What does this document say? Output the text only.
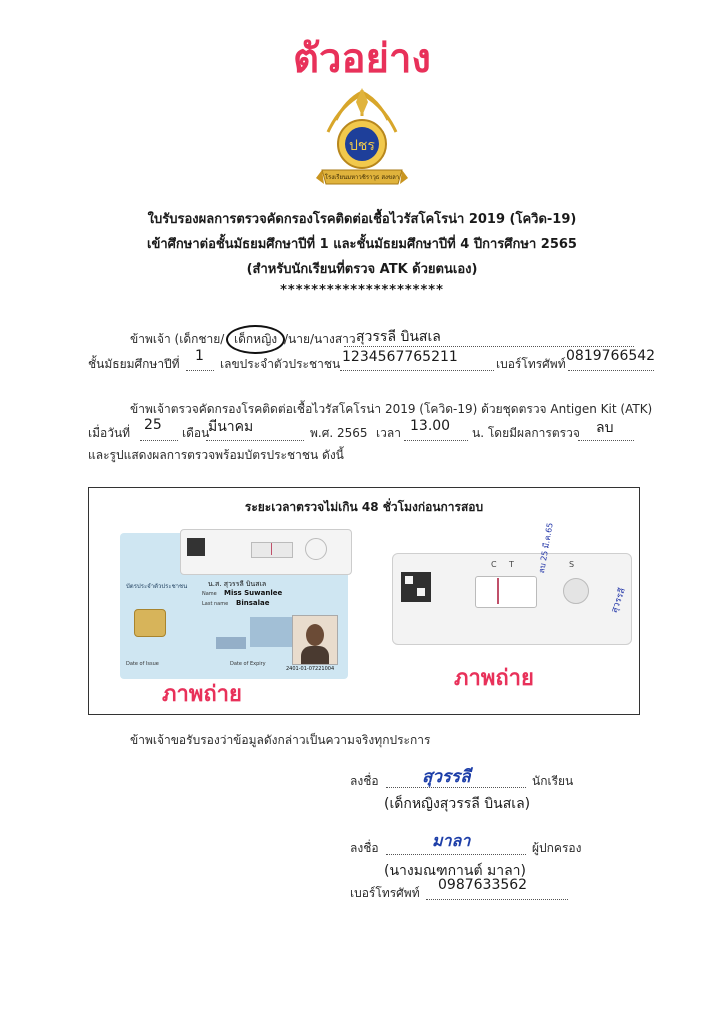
ตัวอย่าง
ปชร
โรงเรียนมหาวชิราวุธ สงขลา
ใบรับรองผลการตรวจคัดกรองโรคติดต่อเชื้อไวรัสโคโรน่า 2019 (โควิด-19)
เข้าศึกษาต่อชั้นมัธยมศึกษาปีที่ 1 และชั้นมัธยมศึกษาปีที่ 4 ปีการศึกษา 2565
(สำหรับนักเรียนที่ตรวจ ATK ด้วยตนเอง)
*********************
ข้าพเจ้า (เด็กชาย/ เด็กหญิง /นาย/นางสาว สุวรรลี บินสเล
ชั้นมัธยมศึกษาปีที่ 1 เลขประจำตัวประชาชน 1234567765211	เบอร์โทรศัพท์ 0819766542
ข้าพเจ้าตรวจคัดกรองโรคติดต่อเชื้อไวรัสโคโรน่า 2019 (โควิด-19) ด้วยชุดตรวจ Antigen Kit (ATK)
เมื่อวันที่ 25 เดือน
มีนาคม	พ.ศ. 2565 เวลา 13.00 น. โดยมีผลการตรวจ ลบ
และรูปแสดงผลการตรวจพร้อมบัตรประชาชน ดังนี้
ระยะเวลาตรวจไม่เกิน 48 ชั่วโมงก่อนการสอบ
บัตรประจำตัวประชาชน	น.ส. สุวรรลี บินสเล
Name Miss Suwanlee
Last name Binsalae
Date of Issue	Date of Expiry
2401-01-07221004
ภาพถ่าย
C T	ลบ 25 มี.ค.65 S
สุวรรลี
ภาพถ่าย
ข้าพเจ้าขอรับรองว่าข้อมูลดังกล่าวเป็นความจริงทุกประการ
ลงชื่อ	สุวรรลี	นักเรียน
(เด็กหญิงสุวรรลี บินสเล)
ลงชื่อ	มาลา	ผู้ปกครอง
(นางมณฑกานต์ มาลา)
เบอร์โทรศัพท์ 0987633562
